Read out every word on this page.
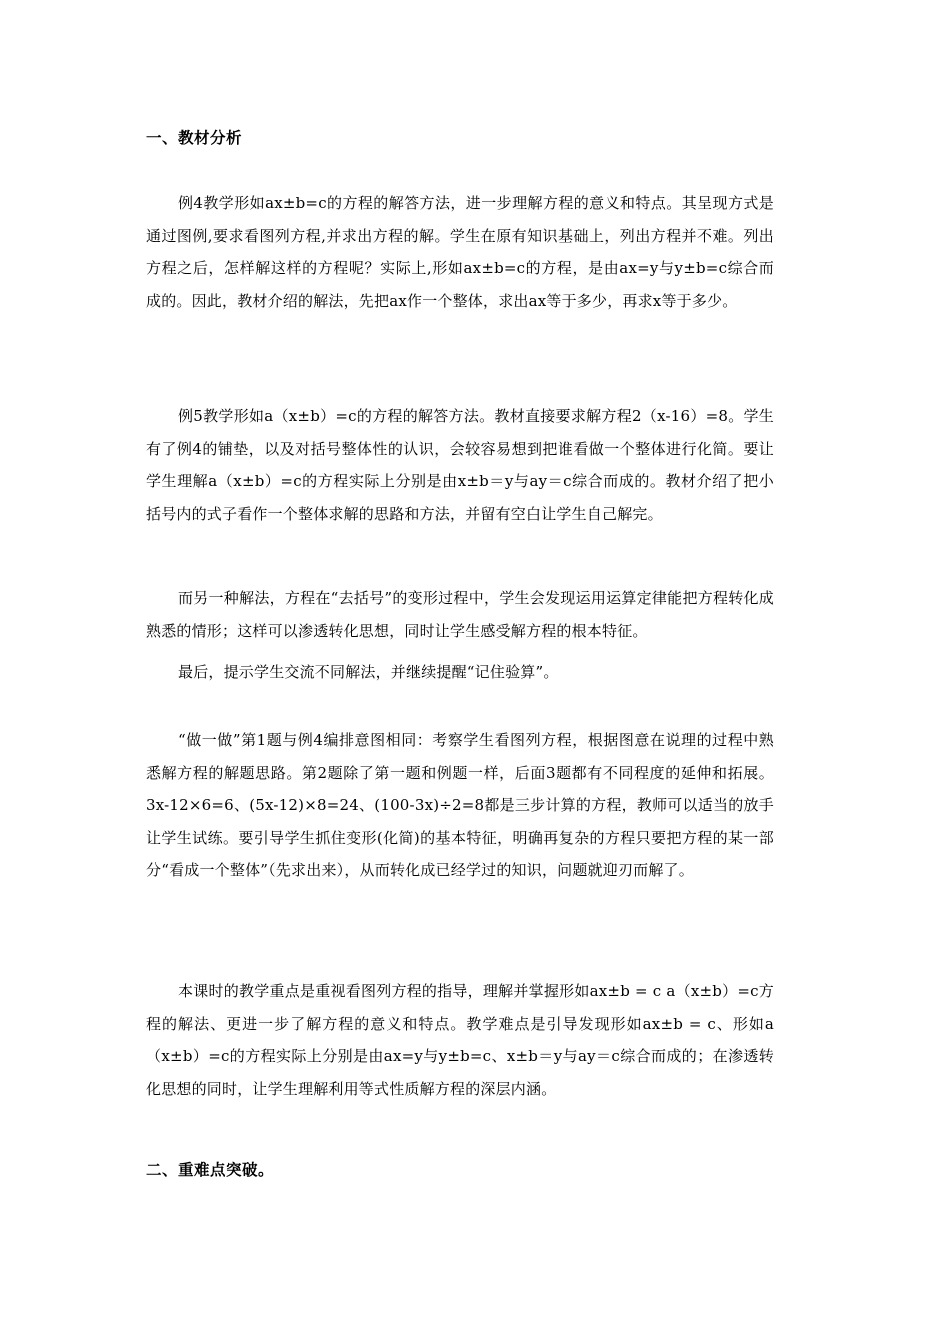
一、教材分析
例4教学形如ax±b=c的方程的解答方法，进一步理解方程的意义和特点。其呈现方式是通过图例,要求看图列方程,并求出方程的解。学生在原有知识基础上，列出方程并不难。列出方程之后，怎样解这样的方程呢？实际上,形如ax±b=c的方程，是由ax=y与y±b=c综合而成的。因此，教材介绍的解法，先把ax作一个整体，求出ax等于多少，再求x等于多少。
例5教学形如a（x±b）=c的方程的解答方法。教材直接要求解方程2（x-16）=8。学生有了例4的铺垫，以及对括号整体性的认识，会较容易想到把谁看做一个整体进行化简。要让学生理解a（x±b）=c的方程实际上分别是由x±b＝y与ay＝c综合而成的。教材介绍了把小括号内的式子看作一个整体求解的思路和方法，并留有空白让学生自己解完。
而另一种解法，方程在“去括号”的变形过程中，学生会发现运用运算定律能把方程转化成熟悉的情形；这样可以渗透转化思想，同时让学生感受解方程的根本特征。
最后，提示学生交流不同解法，并继续提醒“记住验算”。
“做一做”第1题与例4编排意图相同：考察学生看图列方程，根据图意在说理的过程中熟悉解方程的解题思路。第2题除了第一题和例题一样，后面3题都有不同程度的延伸和拓展。3x-12×6=6、(5x-12)×8=24、(100-3x)÷2=8都是三步计算的方程，教师可以适当的放手让学生试练。要引导学生抓住变形(化简)的基本特征，明确再复杂的方程只要把方程的某一部分“看成一个整体”（先求出来），从而转化成已经学过的知识，问题就迎刃而解了。
本课时的教学重点是重视看图列方程的指导，理解并掌握形如ax±b = c a（x±b）=c方程的解法、更进一步了解方程的意义和特点。教学难点是引导发现形如ax±b = c、形如a（x±b）=c的方程实际上分别是由ax=y与y±b=c、x±b＝y与ay＝c综合而成的；在渗透转化思想的同时，让学生理解利用等式性质解方程的深层内涵。
二、重难点突破。
